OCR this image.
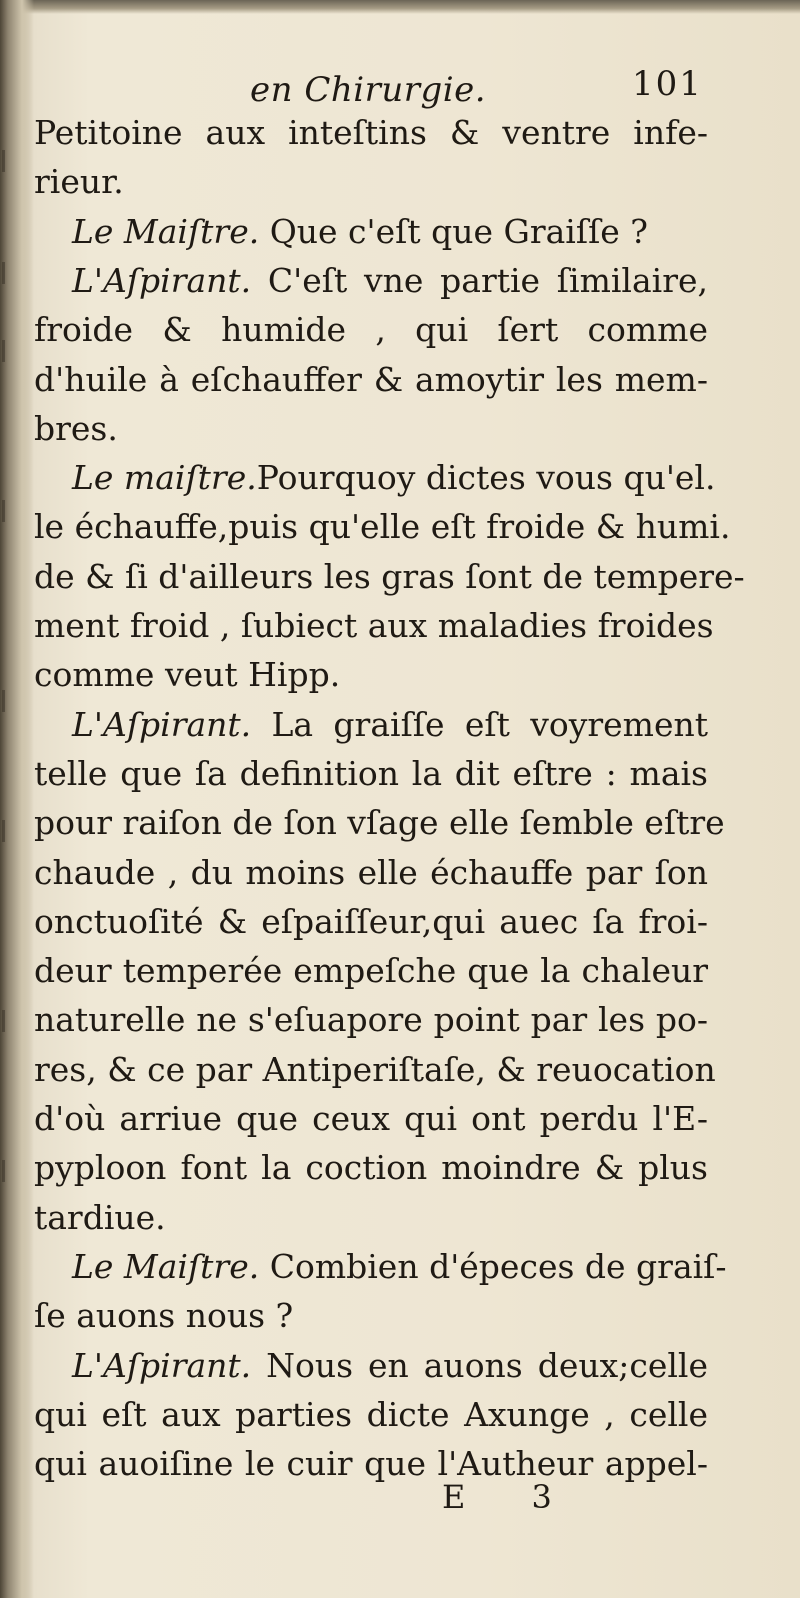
en Chirurgie.	101
Petitoine aux inteſtins & ventre infe-
rieur.
Le Maiſtre. Que c'eſt que Graiſſe ?
L'Aſpirant. C'eſt vne partie ſimilaire,
froide & humide , qui ſert comme
d'huile à eſchauffer & amoytir les mem-
bres.
Le maiſtre.Pourquoy dictes vous qu'el.
le échauffe,puis qu'elle eſt froide & humi.
de & ſi d'ailleurs les gras ſont de tempere-
ment froid , ſubiect aux maladies froides
comme veut Hipp.
L'Aſpirant. La graiſſe eſt voyrement
telle que ſa definition la dit eſtre : mais
pour raiſon de ſon vſage elle ſemble eſtre
chaude , du moins elle échauffe par ſon
onctuoſité & eſpaiſſeur,qui auec ſa froi-
deur temperée empeſche que la chaleur
naturelle ne s'eſuapore point par les po-
res, & ce par Antiperiſtaſe, & reuocation
d'où arriue que ceux qui ont perdu l'E-
pyploon font la coction moindre & plus
tardiue.
Le Maiſtre. Combien d'épeces de graiſ-
ſe auons nous ?
L'Aſpirant. Nous en auons deux;celle
qui eſt aux parties dicte Axunge , celle
qui auoiſine le cuir que l'Autheur appel-
E 3
